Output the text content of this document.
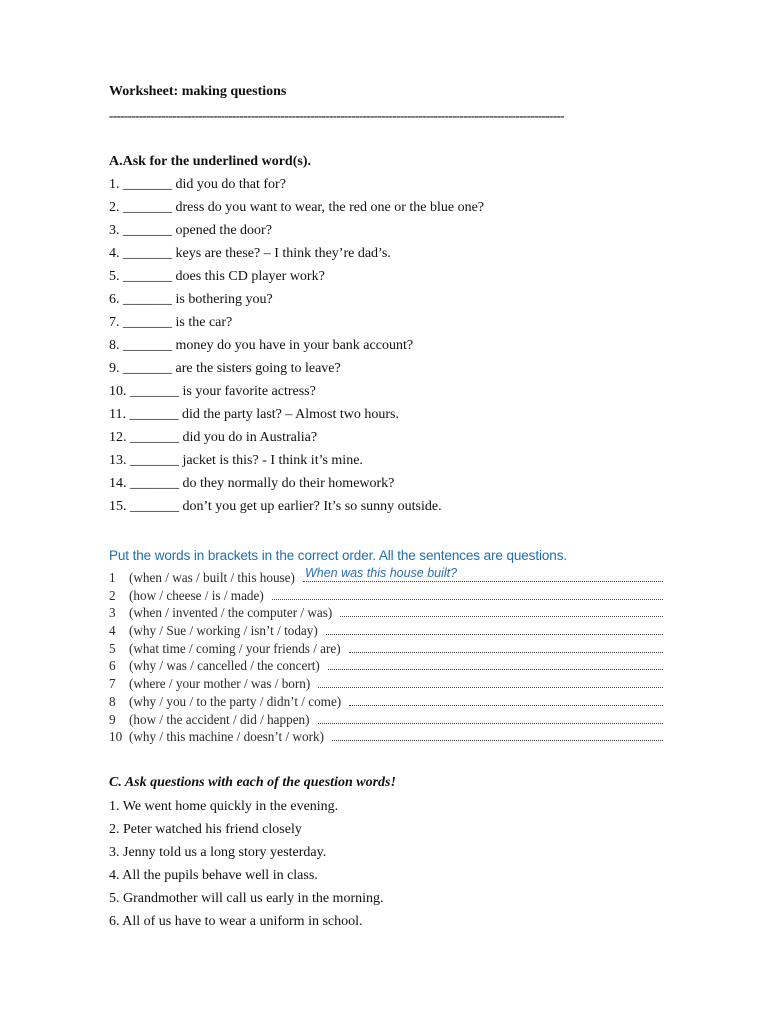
Worksheet: making questions
--------------------------------------------------------------------------------------------------------------------------
A.Ask for the underlined word(s).
1. _______ did you do that for?
2. _______ dress do you want to wear, the red one or the blue one?
3. _______ opened the door?
4. _______ keys are these? – I think they’re dad’s.
5. _______ does this CD player work?
6. _______ is bothering you?
7. _______ is the car?
8. _______ money do you have in your bank account?
9. _______ are the sisters going to leave?
10. _______ is your favorite actress?
11. _______ did the party last? – Almost two hours.
12. _______ did you do in Australia?
13. _______ jacket is this? - I think it’s mine.
14. _______ do they normally do their homework?
15. _______ don’t you get up earlier? It’s so sunny outside.
Put the words in brackets in the correct order. All the sentences are questions.
1	(when / was / built / this house) When was this house built?
2	(how / cheese / is / made)
3	(when / invented / the computer / was)
4	(why / Sue / working / isn’t / today)
5	(what time / coming / your friends / are)
6	(why / was / cancelled / the concert)
7	(where / your mother / was / born)
8	(why / you / to the party / didn’t / come)
9	(how / the accident / did / happen)
10 (why / this machine / doesn’t / work)
C. Ask questions with each of the question words!
1. We went home quickly in the evening.
2. Peter watched his friend closely
3. Jenny told us a long story yesterday.
4. All the pupils behave well in class.
5. Grandmother will call us early in the morning.
6. All of us have to wear a uniform in school.
